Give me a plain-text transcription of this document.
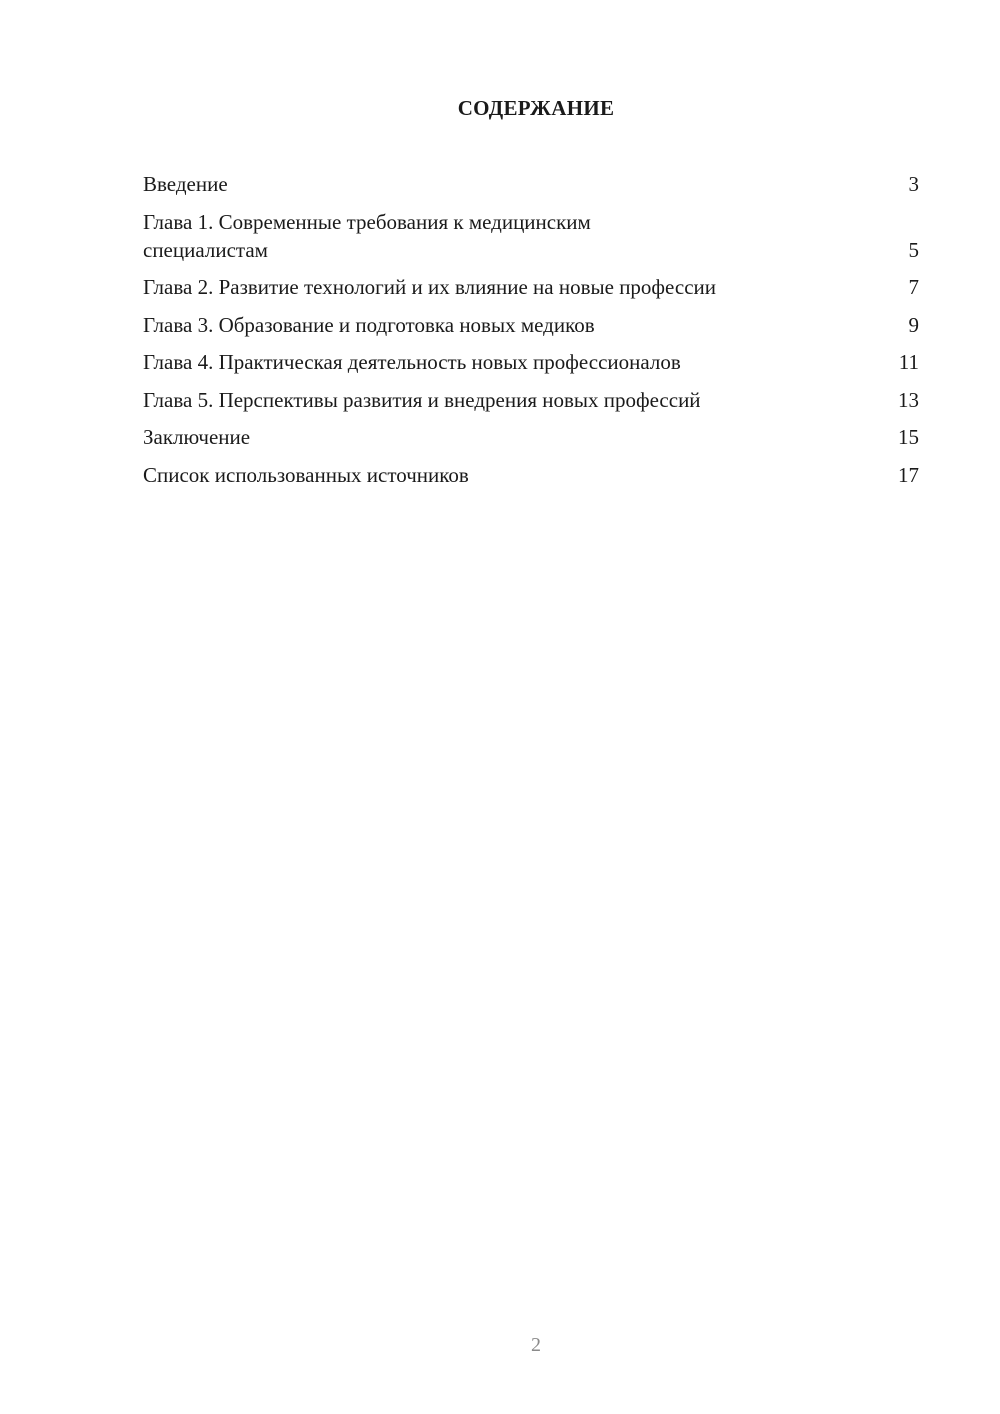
СОДЕРЖАНИЕ
Введение	3
Глава 1. Современные требования к медицинским специалистам	5
Глава 2. Развитие технологий и их влияние на новые профессии	7
Глава 3. Образование и подготовка новых медиков	9
Глава 4. Практическая деятельность новых профессионалов	11
Глава 5. Перспективы развития и внедрения новых профессий	13
Заключение	15
Список использованных источников	17
2
